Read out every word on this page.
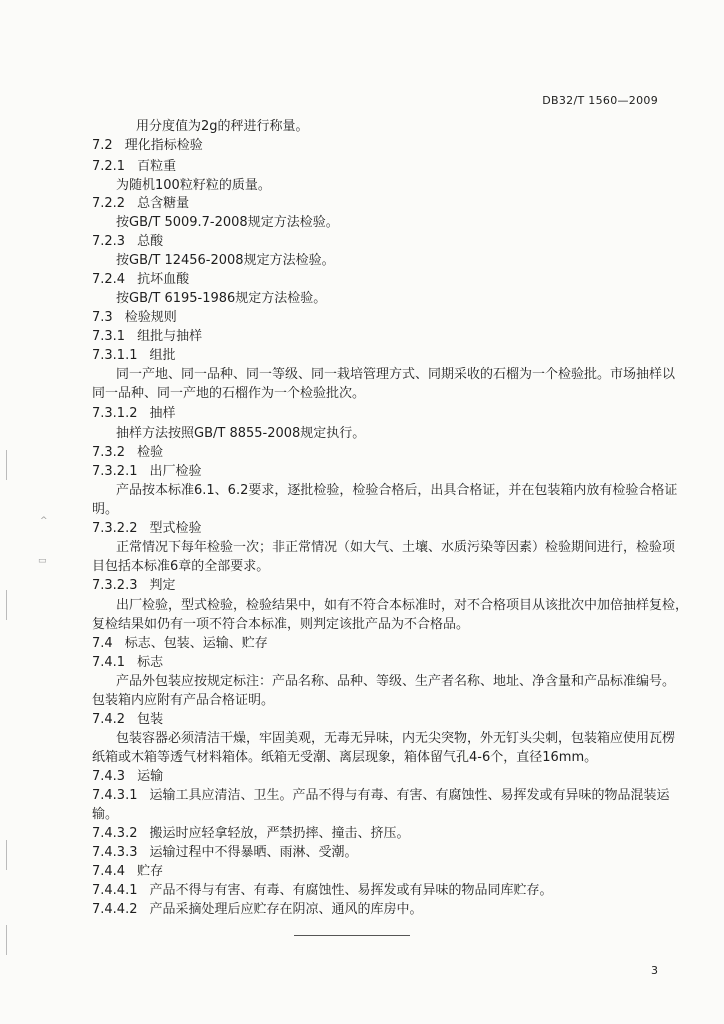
DB32/T 1560—2009
用分度值为2g的秤进行称量。
7.2 理化指标检验
7.2.1 百粒重
为随机100粒籽粒的质量。
7.2.2 总含糖量
按GB/T 5009.7-2008规定方法检验。
7.2.3 总酸
按GB/T 12456-2008规定方法检验。
7.2.4 抗坏血酸
按GB/T 6195-1986规定方法检验。
7.3 检验规则
7.3.1 组批与抽样
7.3.1.1 组批
同一产地、同一品种、同一等级、同一栽培管理方式、同期采收的石榴为一个检验批。市场抽样以
同一品种、同一产地的石榴作为一个检验批次。
7.3.1.2 抽样
抽样方法按照GB/T 8855-2008规定执行。
7.3.2 检验
7.3.2.1 出厂检验
产品按本标准6.1、6.2要求，逐批检验，检验合格后，出具合格证，并在包装箱内放有检验合格证
明。
7.3.2.2 型式检验
正常情况下每年检验一次；非正常情况（如大气、土壤、水质污染等因素）检验期间进行，检验项
目包括本标准6章的全部要求。
7.3.2.3 判定
出厂检验，型式检验，检验结果中，如有不符合本标准时，对不合格项目从该批次中加倍抽样复检，
复检结果如仍有一项不符合本标准，则判定该批产品为不合格品。
7.4 标志、包装、运输、贮存
7.4.1 标志
产品外包装应按规定标注：产品名称、品种、等级、生产者名称、地址、净含量和产品标准编号。
包装箱内应附有产品合格证明。
7.4.2 包装
包装容器必须清洁干燥，牢固美观，无毒无异味，内无尖突物，外无钉头尖刺，包装箱应使用瓦楞
纸箱或木箱等透气材料箱体。纸箱无受潮、离层现象，箱体留气孔4-6个，直径16mm。
7.4.3 运输
7.4.3.1 运输工具应清洁、卫生。产品不得与有毒、有害、有腐蚀性、易挥发或有异味的物品混装运
输。
7.4.3.2 搬运时应轻拿轻放，严禁扔摔、撞击、挤压。
7.4.3.3 运输过程中不得暴晒、雨淋、受潮。
7.4.4 贮存
7.4.4.1 产品不得与有害、有毒、有腐蚀性、易挥发或有异味的物品同库贮存。
7.4.4.2 产品采摘处理后应贮存在阴凉、通风的库房中。
3
^
▭
